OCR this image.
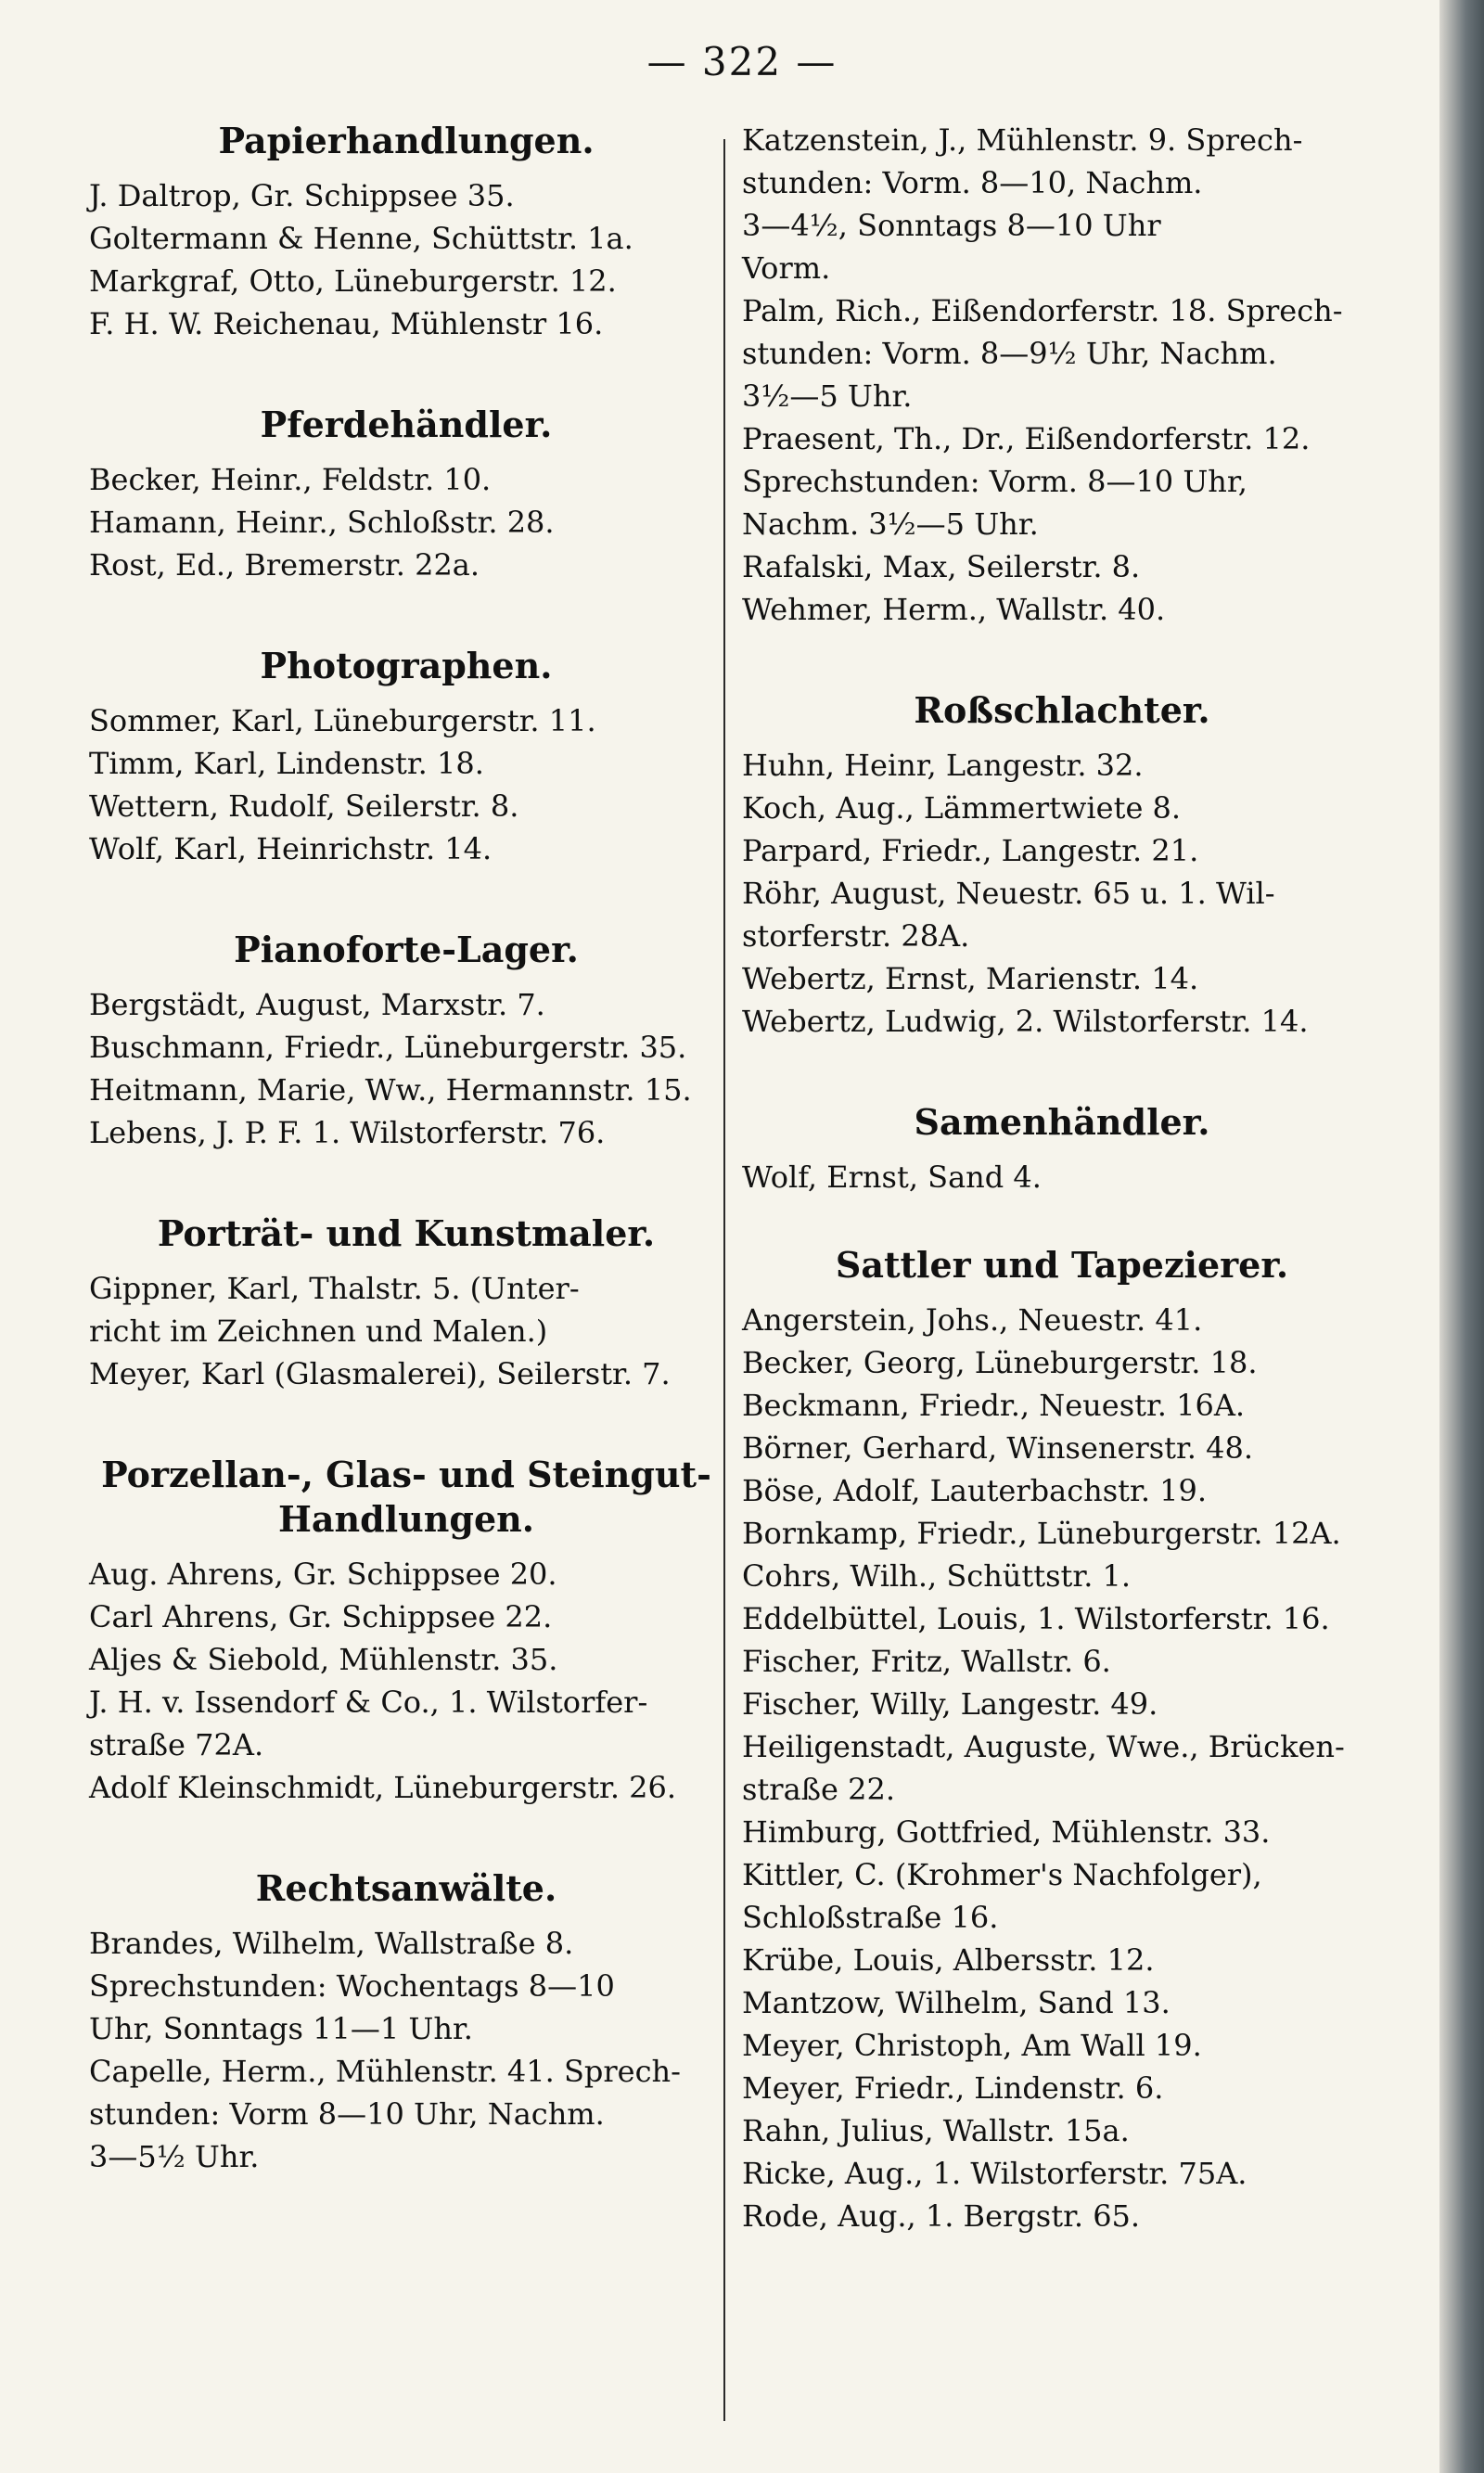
— 322 —
Papierhandlungen.
J. Daltrop, Gr. Schippsee 35.
Goltermann & Henne, Schüttstr. 1a.
Markgraf, Otto, Lüneburgerstr. 12.
F. H. W. Reichenau, Mühlenstr 16.
Pferdehändler.
Becker, Heinr., Feldstr. 10.
Hamann, Heinr., Schloßstr. 28.
Rost, Ed., Bremerstr. 22a.
Photographen.
Sommer, Karl, Lüneburgerstr. 11.
Timm, Karl, Lindenstr. 18.
Wettern, Rudolf, Seilerstr. 8.
Wolf, Karl, Heinrichstr. 14.
Pianoforte-Lager.
Bergstädt, August, Marxstr. 7.
Buschmann, Friedr., Lüneburgerstr. 35.
Heitmann, Marie, Ww., Hermannstr. 15.
Lebens, J. P. F. 1. Wilstorferstr. 76.
Porträt- und Kunstmaler.
Gippner, Karl, Thalstr. 5. (Unter-
richt im Zeichnen und Malen.)
Meyer, Karl (Glasmalerei), Seilerstr. 7.
Porzellan-, Glas- und Steingut-
Handlungen.
Aug. Ahrens, Gr. Schippsee 20.
Carl Ahrens, Gr. Schippsee 22.
Aljes & Siebold, Mühlenstr. 35.
J. H. v. Issendorf & Co., 1. Wilstorfer-
straße 72A.
Adolf Kleinschmidt, Lüneburgerstr. 26.
Rechtsanwälte.
Brandes, Wilhelm, Wallstraße 8.
Sprechstunden: Wochentags 8—10
Uhr, Sonntags 11—1 Uhr.
Capelle, Herm., Mühlenstr. 41. Sprech-
stunden: Vorm 8—10 Uhr, Nachm.
3—5½ Uhr.
Katzenstein, J., Mühlenstr. 9. Sprech-
stunden: Vorm. 8—10, Nachm.
3—4½, Sonntags 8—10 Uhr
Vorm.
Palm, Rich., Eißendorferstr. 18. Sprech-
stunden: Vorm. 8—9½ Uhr, Nachm.
3½—5 Uhr.
Praesent, Th., Dr., Eißendorferstr. 12.
Sprechstunden: Vorm. 8—10 Uhr,
Nachm. 3½—5 Uhr.
Rafalski, Max, Seilerstr. 8.
Wehmer, Herm., Wallstr. 40.
Roßschlachter.
Huhn, Heinr, Langestr. 32.
Koch, Aug., Lämmertwiete 8.
Parpard, Friedr., Langestr. 21.
Röhr, August, Neuestr. 65 u. 1. Wil-
storferstr. 28A.
Webertz, Ernst, Marienstr. 14.
Webertz, Ludwig, 2. Wilstorferstr. 14.
Samenhändler.
Wolf, Ernst, Sand 4.
Sattler und Tapezierer.
Angerstein, Johs., Neuestr. 41.
Becker, Georg, Lüneburgerstr. 18.
Beckmann, Friedr., Neuestr. 16A.
Börner, Gerhard, Winsenerstr. 48.
Böse, Adolf, Lauterbachstr. 19.
Bornkamp, Friedr., Lüneburgerstr. 12A.
Cohrs, Wilh., Schüttstr. 1.
Eddelbüttel, Louis, 1. Wilstorferstr. 16.
Fischer, Fritz, Wallstr. 6.
Fischer, Willy, Langestr. 49.
Heiligenstadt, Auguste, Wwe., Brücken-
straße 22.
Himburg, Gottfried, Mühlenstr. 33.
Kittler, C. (Krohmer's Nachfolger),
Schloßstraße 16.
Krübe, Louis, Albersstr. 12.
Mantzow, Wilhelm, Sand 13.
Meyer, Christoph, Am Wall 19.
Meyer, Friedr., Lindenstr. 6.
Rahn, Julius, Wallstr. 15a.
Ricke, Aug., 1. Wilstorferstr. 75A.
Rode, Aug., 1. Bergstr. 65.
